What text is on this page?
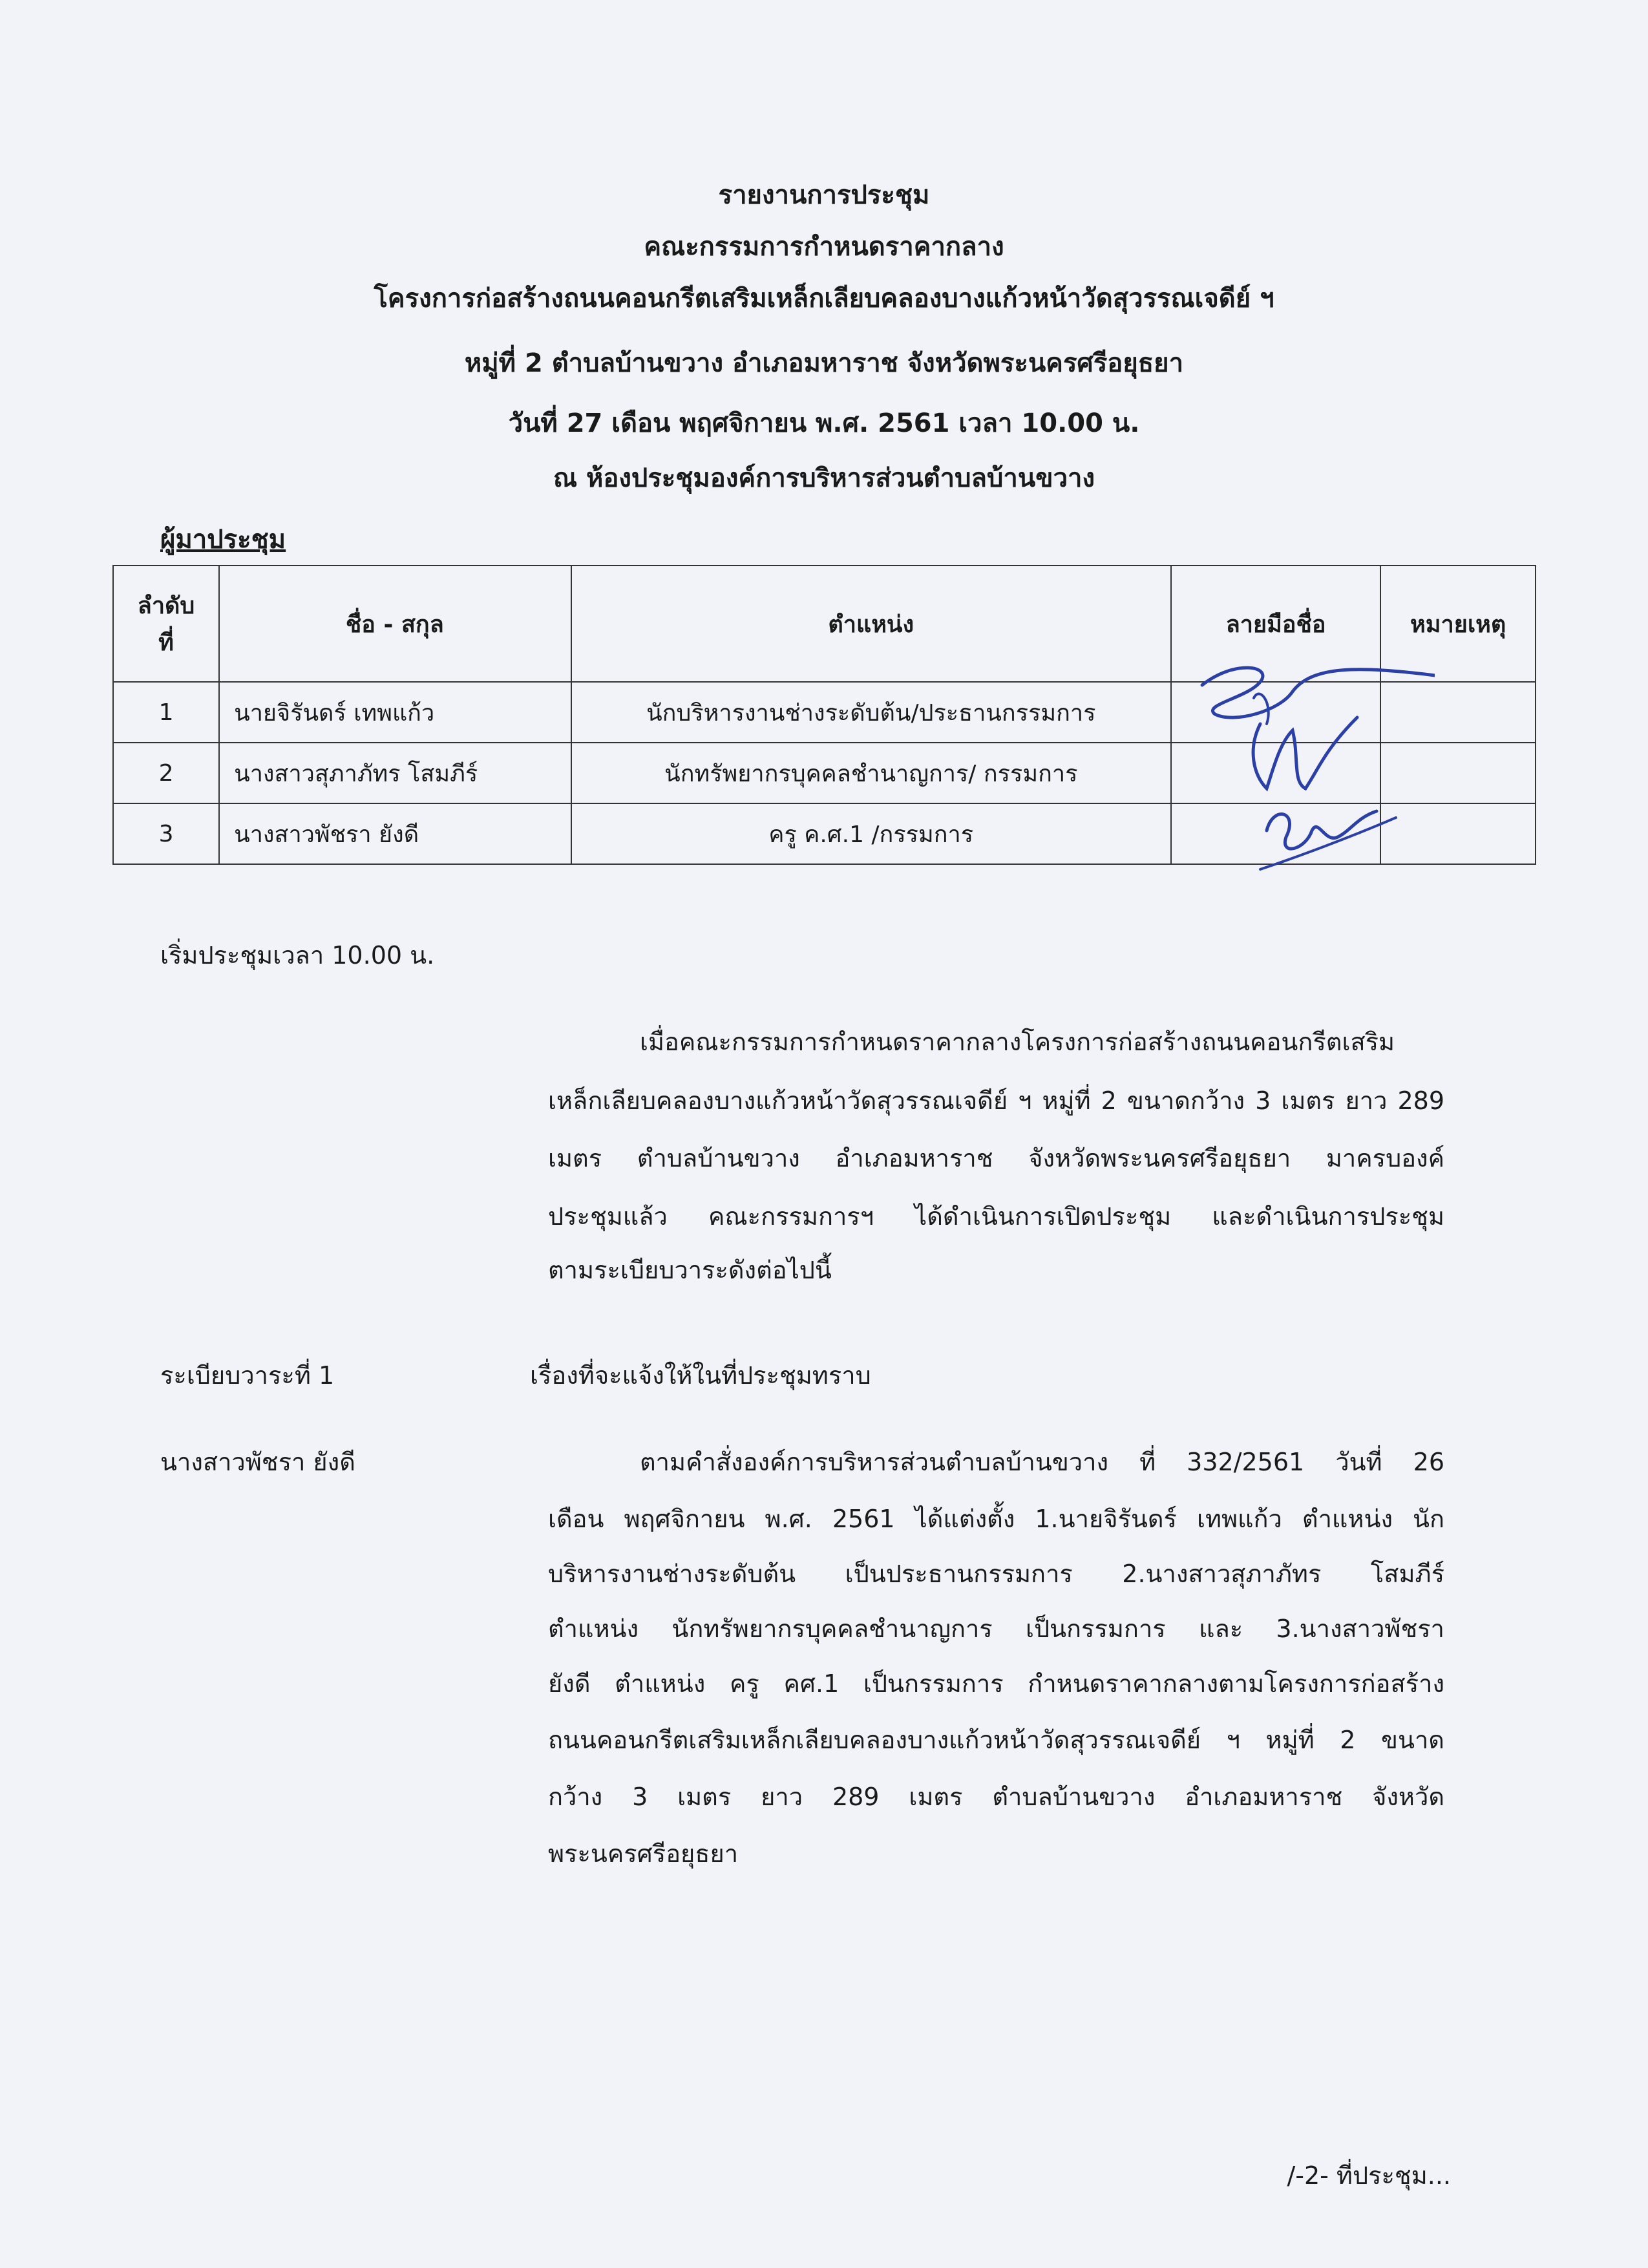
รายงานการประชุม
คณะกรรมการกำหนดราคากลาง
โครงการก่อสร้างถนนคอนกรีตเสริมเหล็กเลียบคลองบางแก้วหน้าวัดสุวรรณเจดีย์ ฯ
หมู่ที่ 2 ตำบลบ้านขวาง อำเภอมหาราช จังหวัดพระนครศรีอยุธยา
วันที่ 27 เดือน พฤศจิกายน พ.ศ. 2561 เวลา 10.00 น.
ณ ห้องประชุมองค์การบริหารส่วนตำบลบ้านขวาง
ผู้มาประชุม
ลำดับ
ที่	ชื่อ - สกุล	ตำแหน่ง	ลายมือชื่อ	หมายเหตุ
1	นายจิรันดร์ เทพแก้ว	นักบริหารงานช่างระดับต้น/ประธานกรรมการ		
2	นางสาวสุภาภัทร โสมภีร์	นักทรัพยากรบุคคลชำนาญการ/ กรรมการ		
3	นางสาวพัชรา ยังดี	ครู ค.ศ.1 /กรรมการ		
เริ่มประชุมเวลา 10.00 น.
เมื่อคณะกรรมการกำหนดราคากลางโครงการก่อสร้างถนนคอนกรีตเสริม
เหล็กเลียบคลองบางแก้วหน้าวัดสุวรรณเจดีย์ ฯ หมู่ที่ 2 ขนาดกว้าง 3 เมตร ยาว 289
เมตร ตำบลบ้านขวาง อำเภอมหาราช จังหวัดพระนครศรีอยุธยา มาครบองค์
ประชุมแล้ว คณะกรรมการฯ ได้ดำเนินการเปิดประชุม และดำเนินการประชุม
ตามระเบียบวาระดังต่อไปนี้
ระเบียบวาระที่ 1	เรื่องที่จะแจ้งให้ในที่ประชุมทราบ
นางสาวพัชรา ยังดี	ตามคำสั่งองค์การบริหารส่วนตำบลบ้านขวาง ที่ 332/2561 วันที่ 26
เดือน พฤศจิกายน พ.ศ. 2561 ได้แต่งตั้ง 1.นายจิรันดร์ เทพแก้ว ตำแหน่ง นัก
บริหารงานช่างระดับต้น เป็นประธานกรรมการ 2.นางสาวสุภาภัทร โสมภีร์
ตำแหน่ง นักทรัพยากรบุคคลชำนาญการ เป็นกรรมการ และ 3.นางสาวพัชรา
ยังดี ตำแหน่ง ครู คศ.1 เป็นกรรมการ กำหนดราคากลางตามโครงการก่อสร้าง
ถนนคอนกรีตเสริมเหล็กเลียบคลองบางแก้วหน้าวัดสุวรรณเจดีย์ ฯ หมู่ที่ 2 ขนาด
กว้าง 3 เมตร ยาว 289 เมตร ตำบลบ้านขวาง อำเภอมหาราช จังหวัด
พระนครศรีอยุธยา
/-2- ที่ประชุม...
